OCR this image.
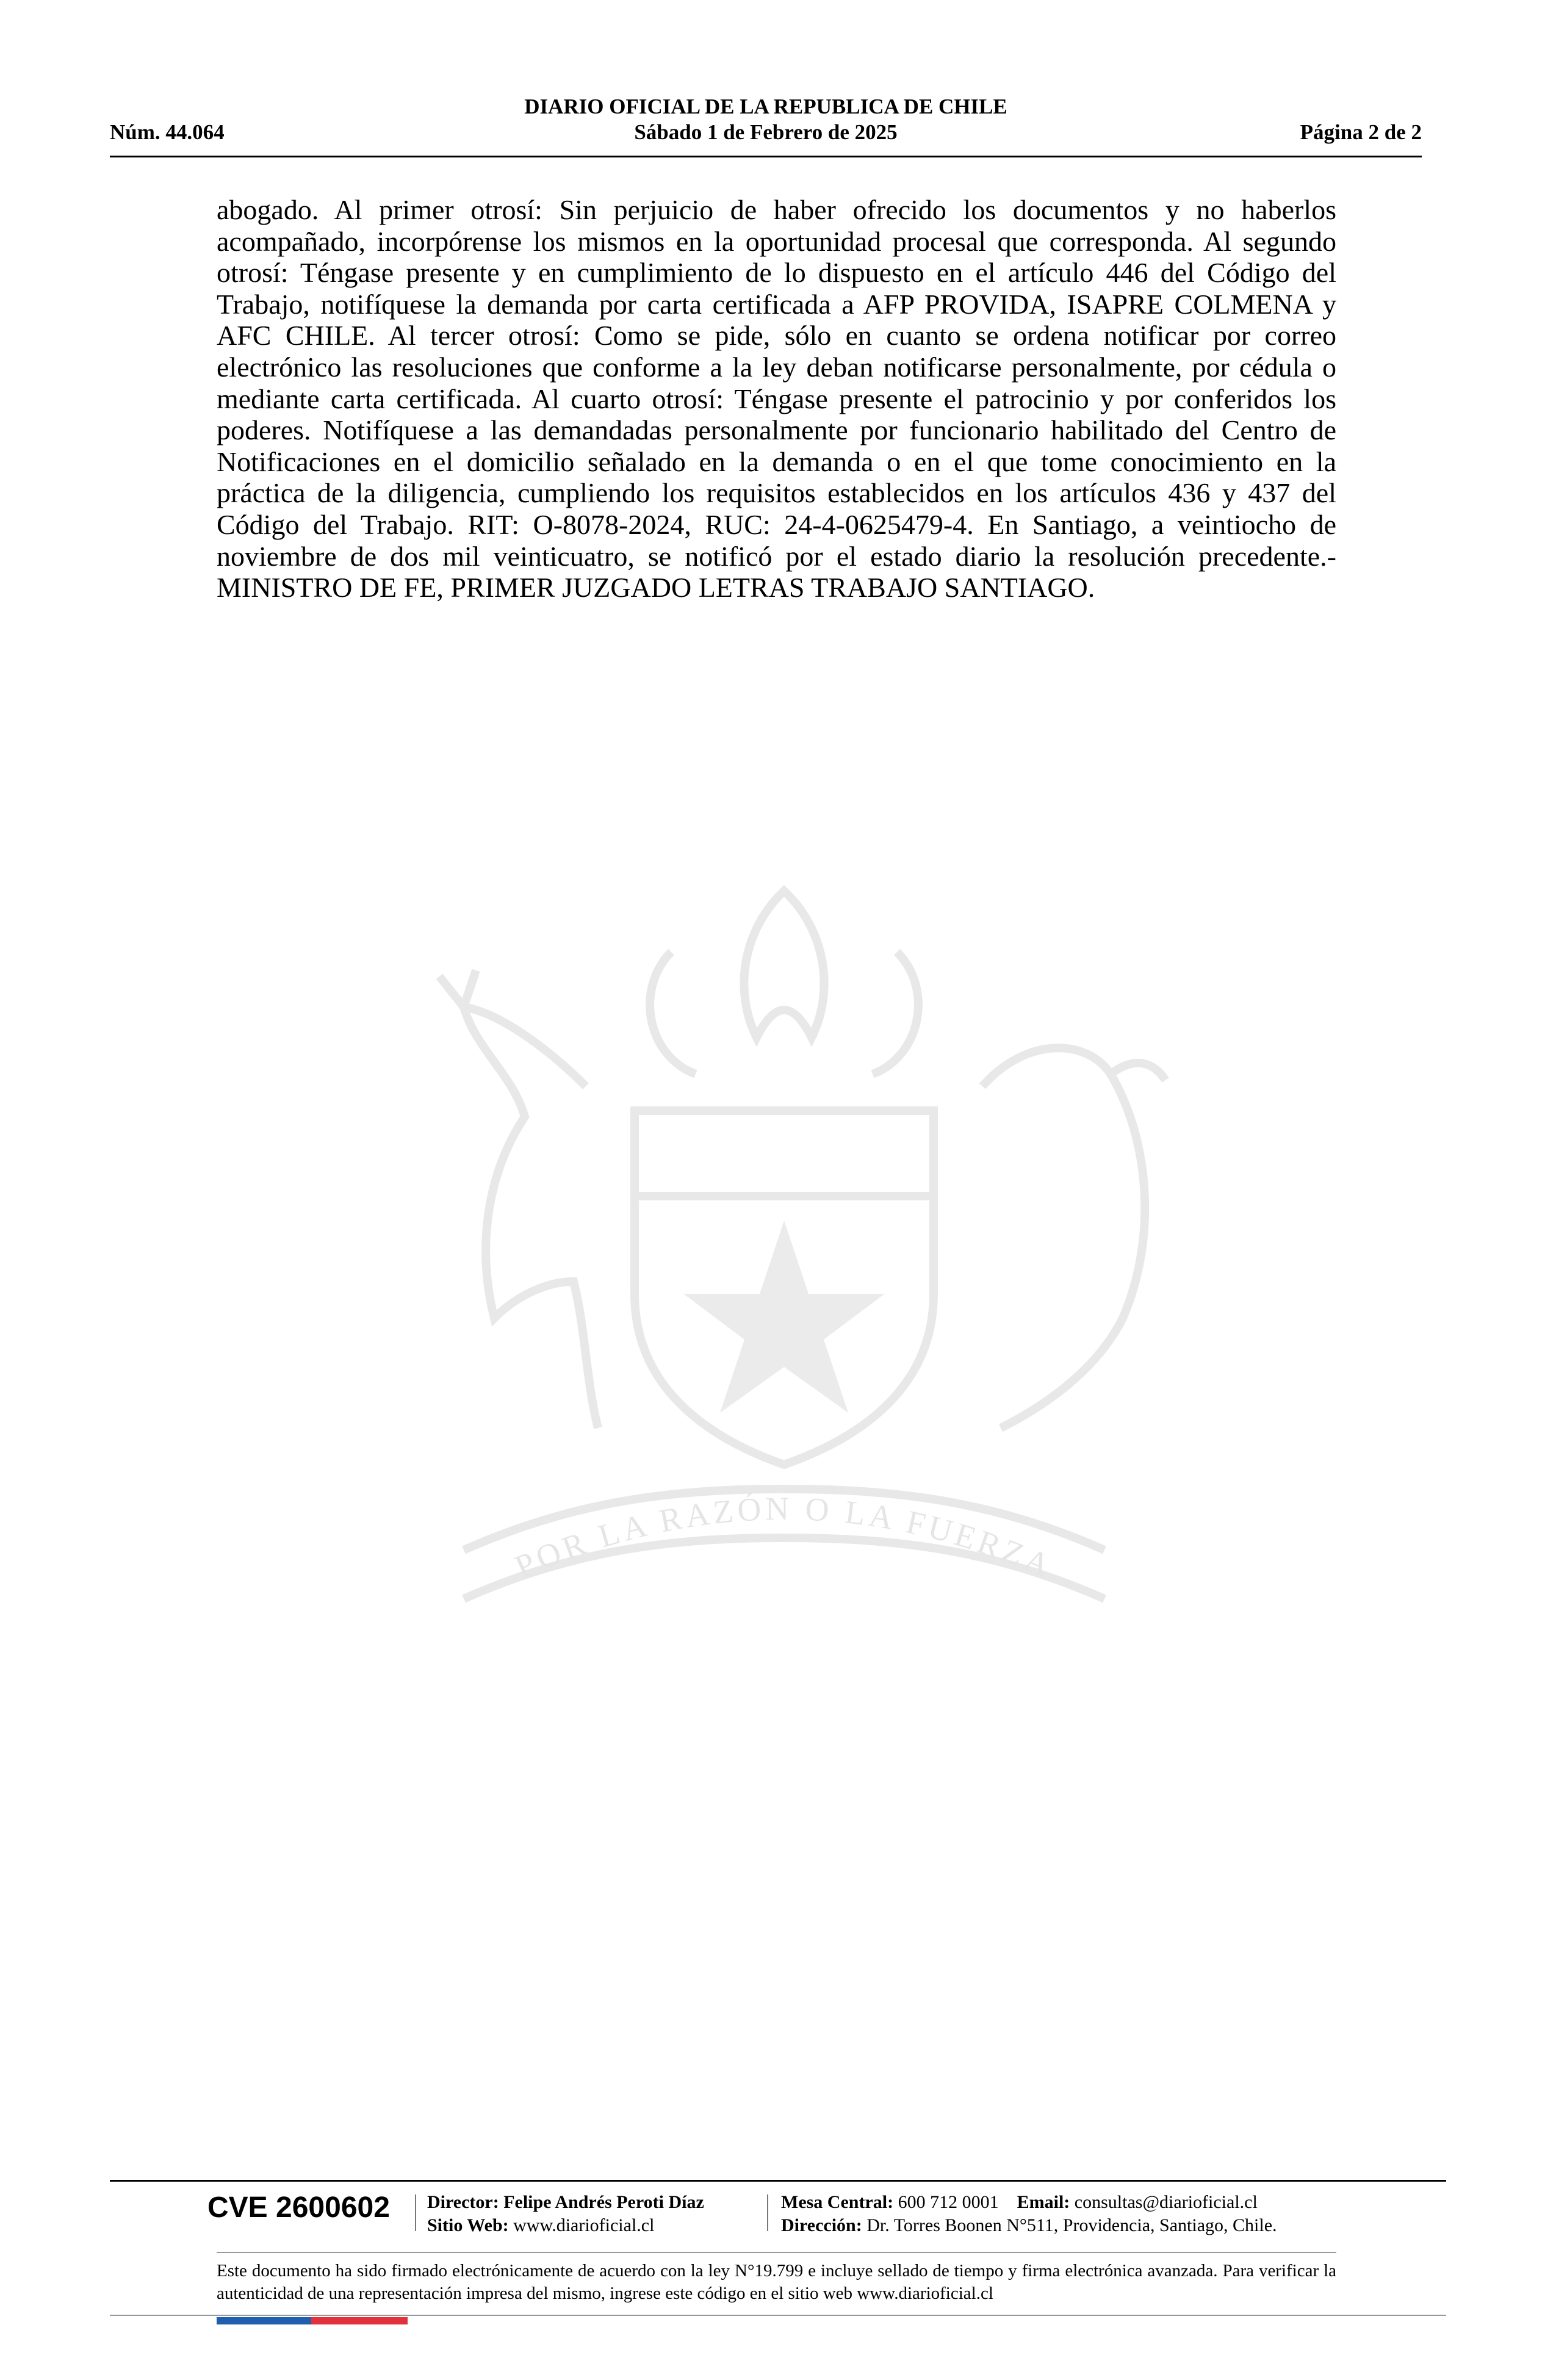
DIARIO OFICIAL DE LA REPUBLICA DE CHILE
Núm. 44.064	Sábado 1 de Febrero de 2025	Página 2 de 2

abogado. Al primer otrosí: Sin perjuicio de haber ofrecido los documentos y no haberlos acompañado, incorpórense los mismos en la oportunidad procesal que corresponda. Al segundo otrosí: Téngase presente y en cumplimiento de lo dispuesto en el artículo 446 del Código del Trabajo, notifíquese la demanda por carta certificada a AFP PROVIDA, ISAPRE COLMENA y AFC CHILE. Al tercer otrosí: Como se pide, sólo en cuanto se ordena notificar por correo electrónico las resoluciones que conforme a la ley deban notificarse personalmente, por cédula o mediante carta certificada. Al cuarto otrosí: Téngase presente el patrocinio y por conferidos los poderes. Notifíquese a las demandadas personalmente por funcionario habilitado del Centro de Notificaciones en el domicilio señalado en la demanda o en el que tome conocimiento en la práctica de la diligencia, cumpliendo los requisitos establecidos en los artículos 436 y 437 del Código del Trabajo. RIT: O-8078-2024, RUC: 24-4-0625479-4. En Santiago, a veintiocho de noviembre de dos mil veinticuatro, se notificó por el estado diario la resolución precedente.- MINISTRO DE FE, PRIMER JUZGADO LETRAS TRABAJO SANTIAGO.

POR LA RAZÓN O LA FUERZA
CVE 2600602 Director: Felipe Andrés Peroti Díaz
Sitio Web: www.diarioficial.cl
Mesa Central: 600 712 0001 Email: consultas@diarioficial.cl
Dirección: Dr. Torres Boonen N°511, Providencia, Santiago, Chile.

Este documento ha sido firmado electrónicamente de acuerdo con la ley N°19.799 e incluye sellado de tiempo y firma electrónica avanzada. Para verificar la autenticidad de una representación impresa del mismo, ingrese este código en el sitio web www.diarioficial.cl
